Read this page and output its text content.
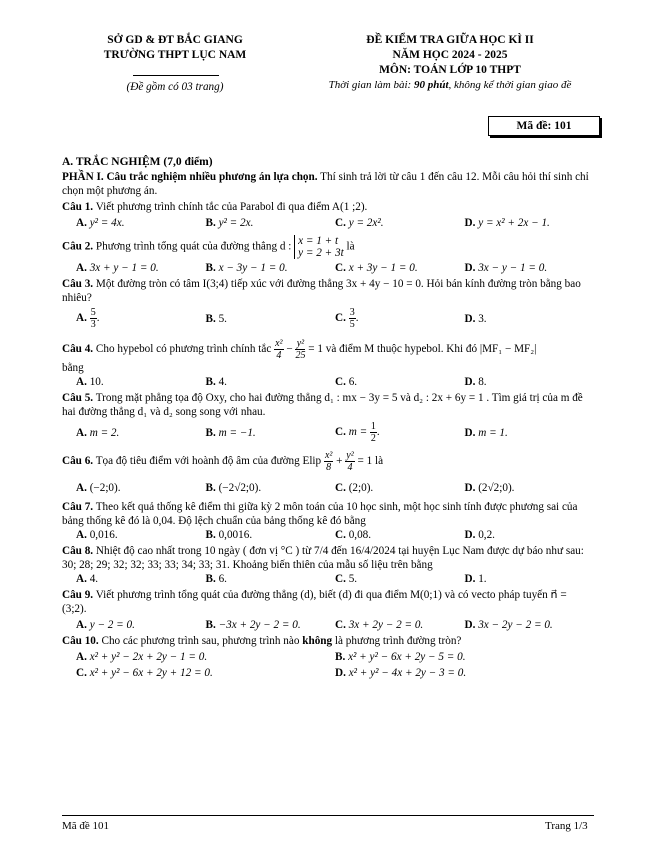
SỞ GD & ĐT BẮC GIANG
TRƯỜNG THPT LỤC NAM
(Đề gồm có 03 trang)
ĐỀ KIỂM TRA GIỮA HỌC KÌ II
NĂM HỌC 2024 - 2025
MÔN: TOÁN LỚP 10 THPT
Thời gian làm bài: 90 phút, không kể thời gian giao đề
Mã đề: 101
A. TRẮC NGHIỆM (7,0 điểm)
PHẦN I. Câu trắc nghiệm nhiều phương án lựa chọn. Thí sinh trả lời từ câu 1 đến câu 12. Mỗi câu hỏi thí sinh chỉ chọn một phương án.
Câu 1. Viết phương trình chính tắc của Parabol đi qua điểm A(1 ;2).
A. y² = 4x.	B. y² = 2x.	C. y = 2x².	D. y = x² + 2x − 1.
Câu 2. Phương trình tổng quát của đường thẳng d : x = 1 + t
y = 2 + 3t
là
A. 3x + y − 1 = 0.	B. x − 3y − 1 = 0.	C. x + 3y − 1 = 0.	D. 3x − y − 1 = 0.
Câu 3. Một đường tròn có tâm I(3;4) tiếp xúc với đường thẳng 3x + 4y − 10 = 0. Hỏi bán kính đường tròn bằng bao nhiêu?
A. $\frac{5}{3}$ .	B. 5.	C. $\frac{3}{5}$ .	D. 3.
Câu 4. Cho hypebol có phương trình chính tắc $\frac{\text{x²}}{4} - \frac{\text{y²}}{25} = 1$ và điểm M thuộc hypebol. Khi đó |MF₁ − MF₂|
bằng
A. 10.	B. 4.	C. 6.	D. 8.
Câu 5. Trong mặt phẳng tọa độ Oxy, cho hai đường thẳng d₁ : mx − 3y = 5 và d₂ : 2x + 6y = 1 . Tìm giá trị của m đề hai đường thẳng d₁ và d₂ song song với nhau.
A. m = 2.	B. m = −1.	C. $m = \frac{1}{2}$ .	D. m = 1.
Câu 6. Tọa độ tiêu điểm với hoành độ âm của đường Elip $\frac{\text{x²}}{8} + \frac{\text{y²}}{4} = 1$ là
A. (−2;0).	B. (−2√2;0).	C. (2;0).	D. (2√2;0).
Câu 7. Theo kết quả thống kê điểm thi giữa kỳ 2 môn toán của 10 học sinh, một học sinh tính được phương sai của bảng thống kê đó là 0,04. Độ lệch chuẩn của bảng thống kê đó bằng
A. 0,016.	B. 0,0016.	C. 0,08.	D. 0,2.
Câu 8. Nhiệt độ cao nhất trong 10 ngày ( đơn vị °C ) từ 7/4 đến 16/4/2024 tại huyện Lục Nam được dự báo như sau: 30; 28; 29; 32; 32; 33; 33; 34; 33; 31. Khoảng biến thiên của mẫu số liệu trên bằng
A. 4.	B. 6.	C. 5.	D. 1.
Câu 9. Viết phương trình tổng quát của đường thẳng (d), biết (d) đi qua điểm M(0;1) và có vecto pháp tuyến n⃗ = (3;2).
A. y − 2 = 0.	B. −3x + 2y − 2 = 0.	C. 3x + 2y − 2 = 0.	D. 3x − 2y − 2 = 0.
Câu 10. Cho các phương trình sau, phương trình nào không là phương trình đường tròn?
A. x² + y² − 2x + 2y − 1 = 0.	B. x² + y² − 6x + 2y − 5 = 0.
C. x² + y² − 6x + 2y + 12 = 0.	D. x² + y² − 4x + 2y − 3 = 0.
Mã đề 101	Trang 1/3
